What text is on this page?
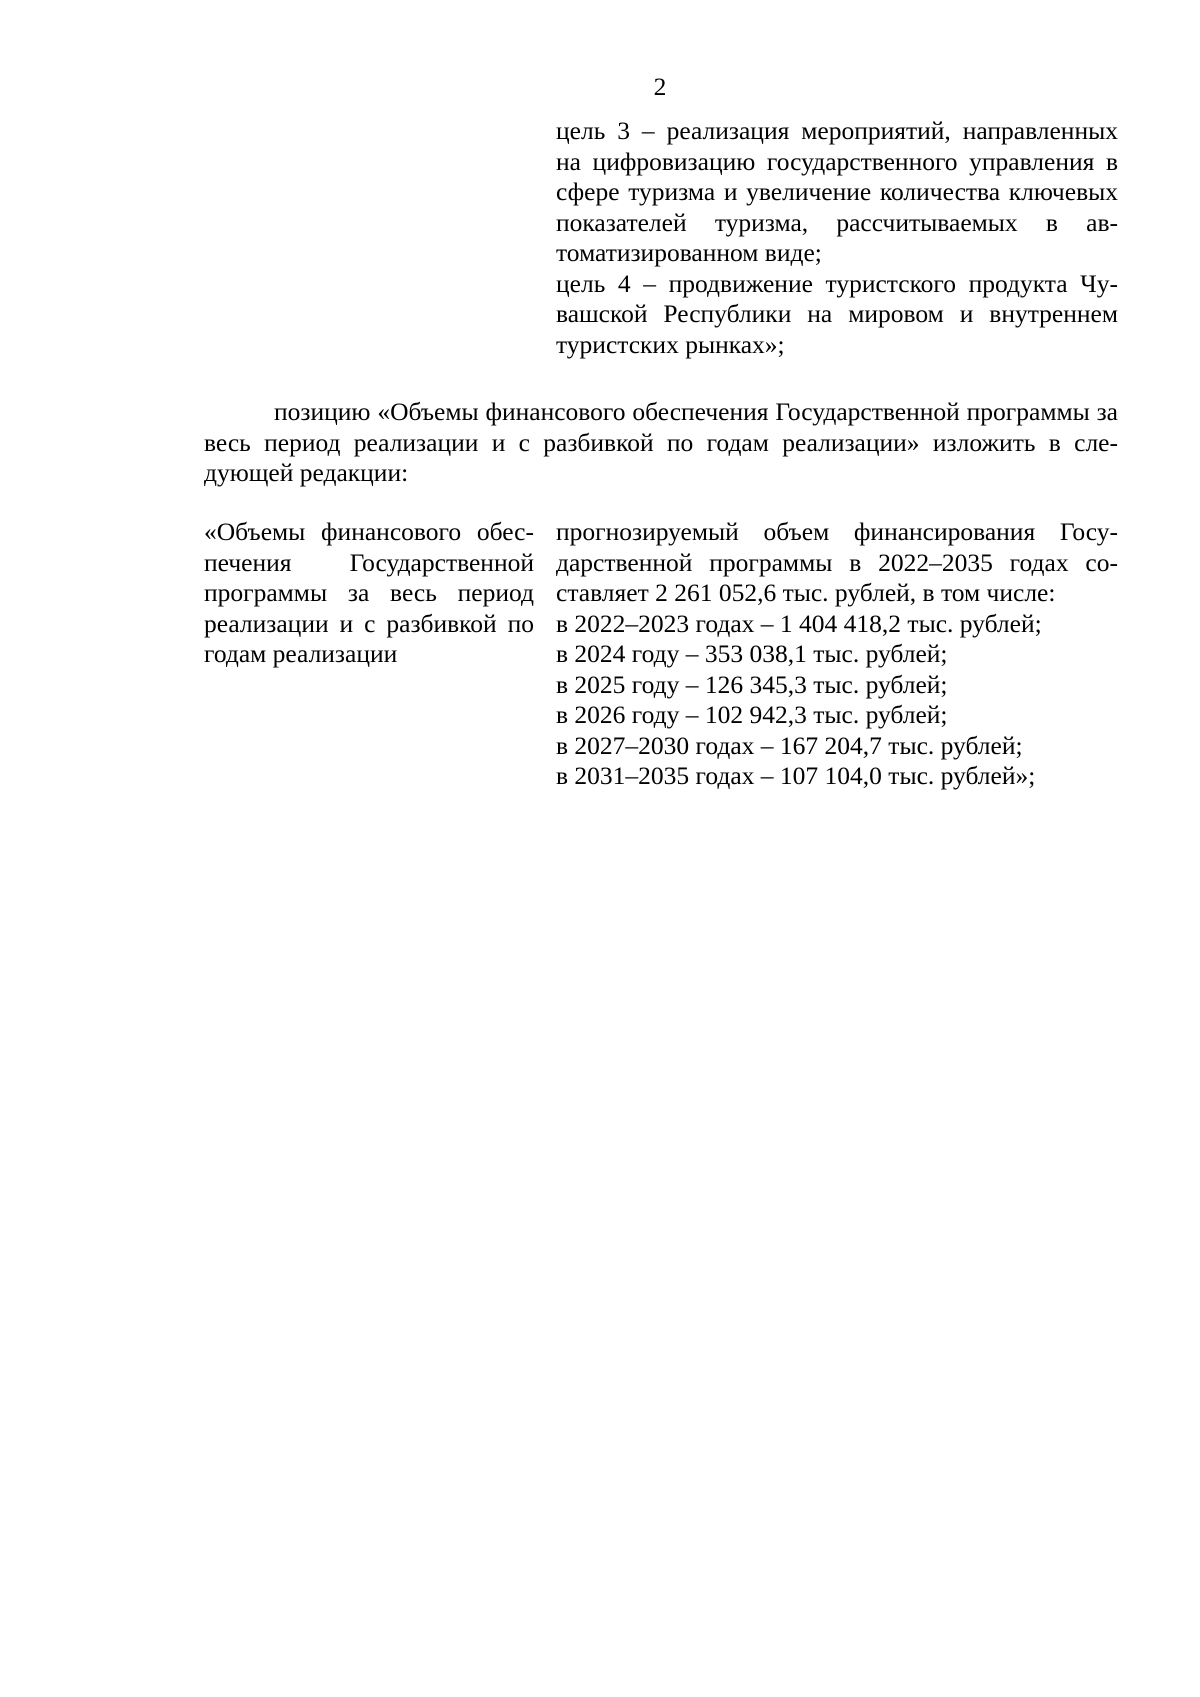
2

цель 3 – реализация мероприятий, направленных на цифровизацию государственного управления в сфере туризма и увеличение количества ключевых показателей туризма, рассчитываемых в автоматизированном виде;

цель 4 – продвижение туристского продукта Чувашской Республики на мировом и внутреннем туристских рынках»;

позицию «Объемы финансового обеспечения Государственной программы за весь период реализации и с разбивкой по годам реализации» изложить в следующей редакции:

«Объемы финансового обеспечения Государственной программы за весь период реализации и с разбивкой по годам реализации

прогнозируемый объем финансирования Государственной программы в 2022–2035 годах составляет 2 261 052,6 тыс. рублей, в том числе:

в 2022–2023 годах – 1 404 418,2 тыс. рублей;

в 2024 году – 353 038,1 тыс. рублей;

в 2025 году – 126 345,3 тыс. рублей;

в 2026 году – 102 942,3 тыс. рублей;

в 2027–2030 годах – 167 204,7 тыс. рублей;

в 2031–2035 годах – 107 104,0 тыс. рублей»;
